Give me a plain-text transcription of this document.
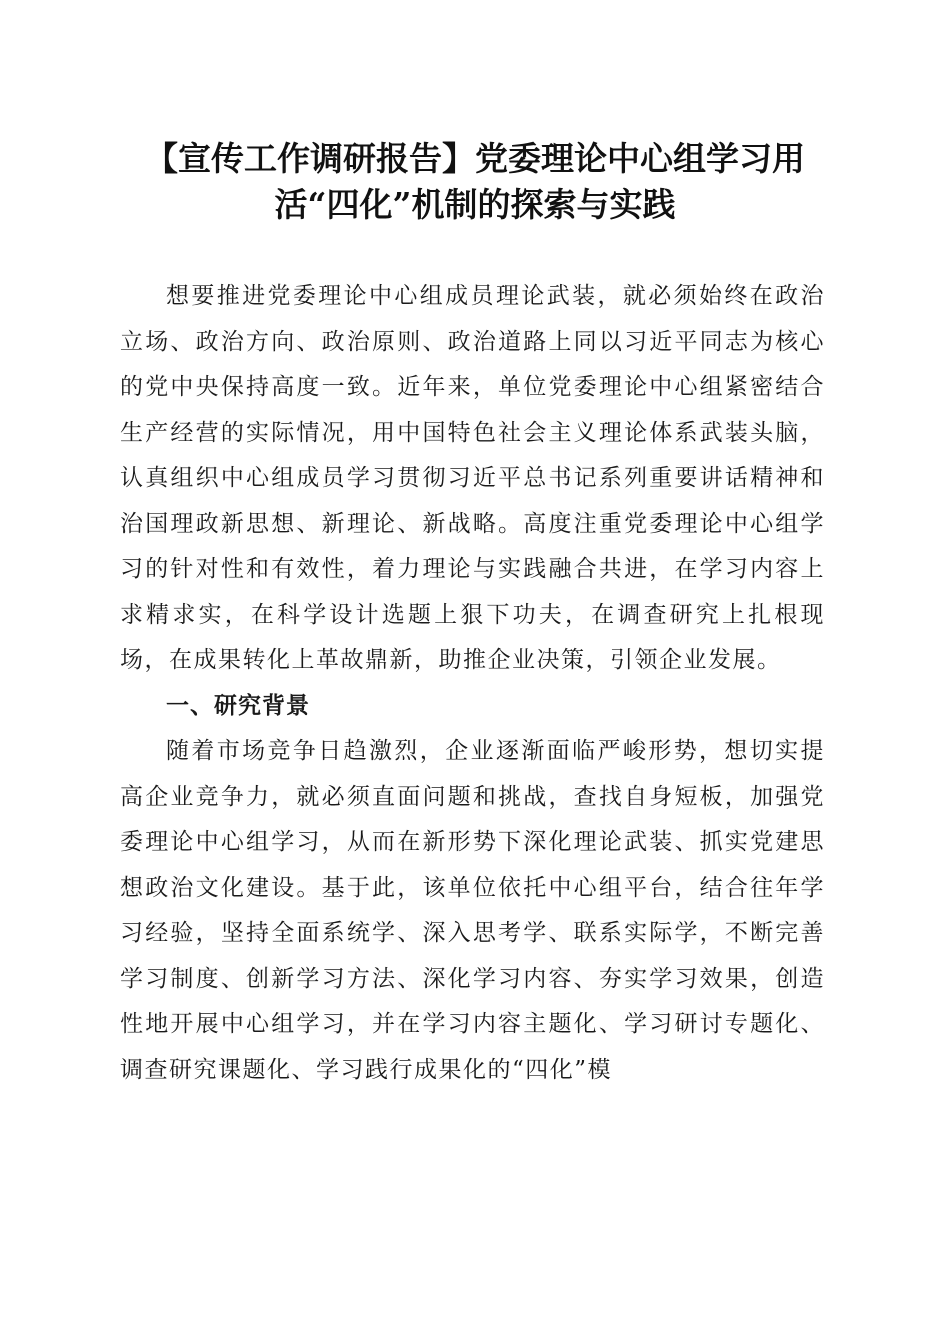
【宣传工作调研报告】党委理论中心组学习用
活“四化”机制的探索与实践

想要推进党委理论中心组成员理论武装，就必须始终在政治立场、政治方向、政治原则、政治道路上同以习近平同志为核心的党中央保持高度一致。近年来，单位党委理论中心组紧密结合生产经营的实际情况，用中国特色社会主义理论体系武装头脑，认真组织中心组成员学习贯彻习近平总书记系列重要讲话精神和治国理政新思想、新理论、新战略。高度注重党委理论中心组学习的针对性和有效性，着力理论与实践融合共进，在学习内容上求精求实，在科学设计选题上狠下功夫，在调查研究上扎根现场，在成果转化上革故鼎新，助推企业决策，引领企业发展。

一、研究背景

随着市场竞争日趋激烈，企业逐渐面临严峻形势，想切实提高企业竞争力，就必须直面问题和挑战，查找自身短板，加强党委理论中心组学习，从而在新形势下深化理论武装、抓实党建思想政治文化建设。基于此，该单位依托中心组平台，结合往年学习经验，坚持全面系统学、深入思考学、联系实际学，不断完善学习制度、创新学习方法、深化学习内容、夯实学习效果，创造性地开展中心组学习，并在学习内容主题化、学习研讨专题化、调查研究课题化、学习践行成果化的“四化”模
